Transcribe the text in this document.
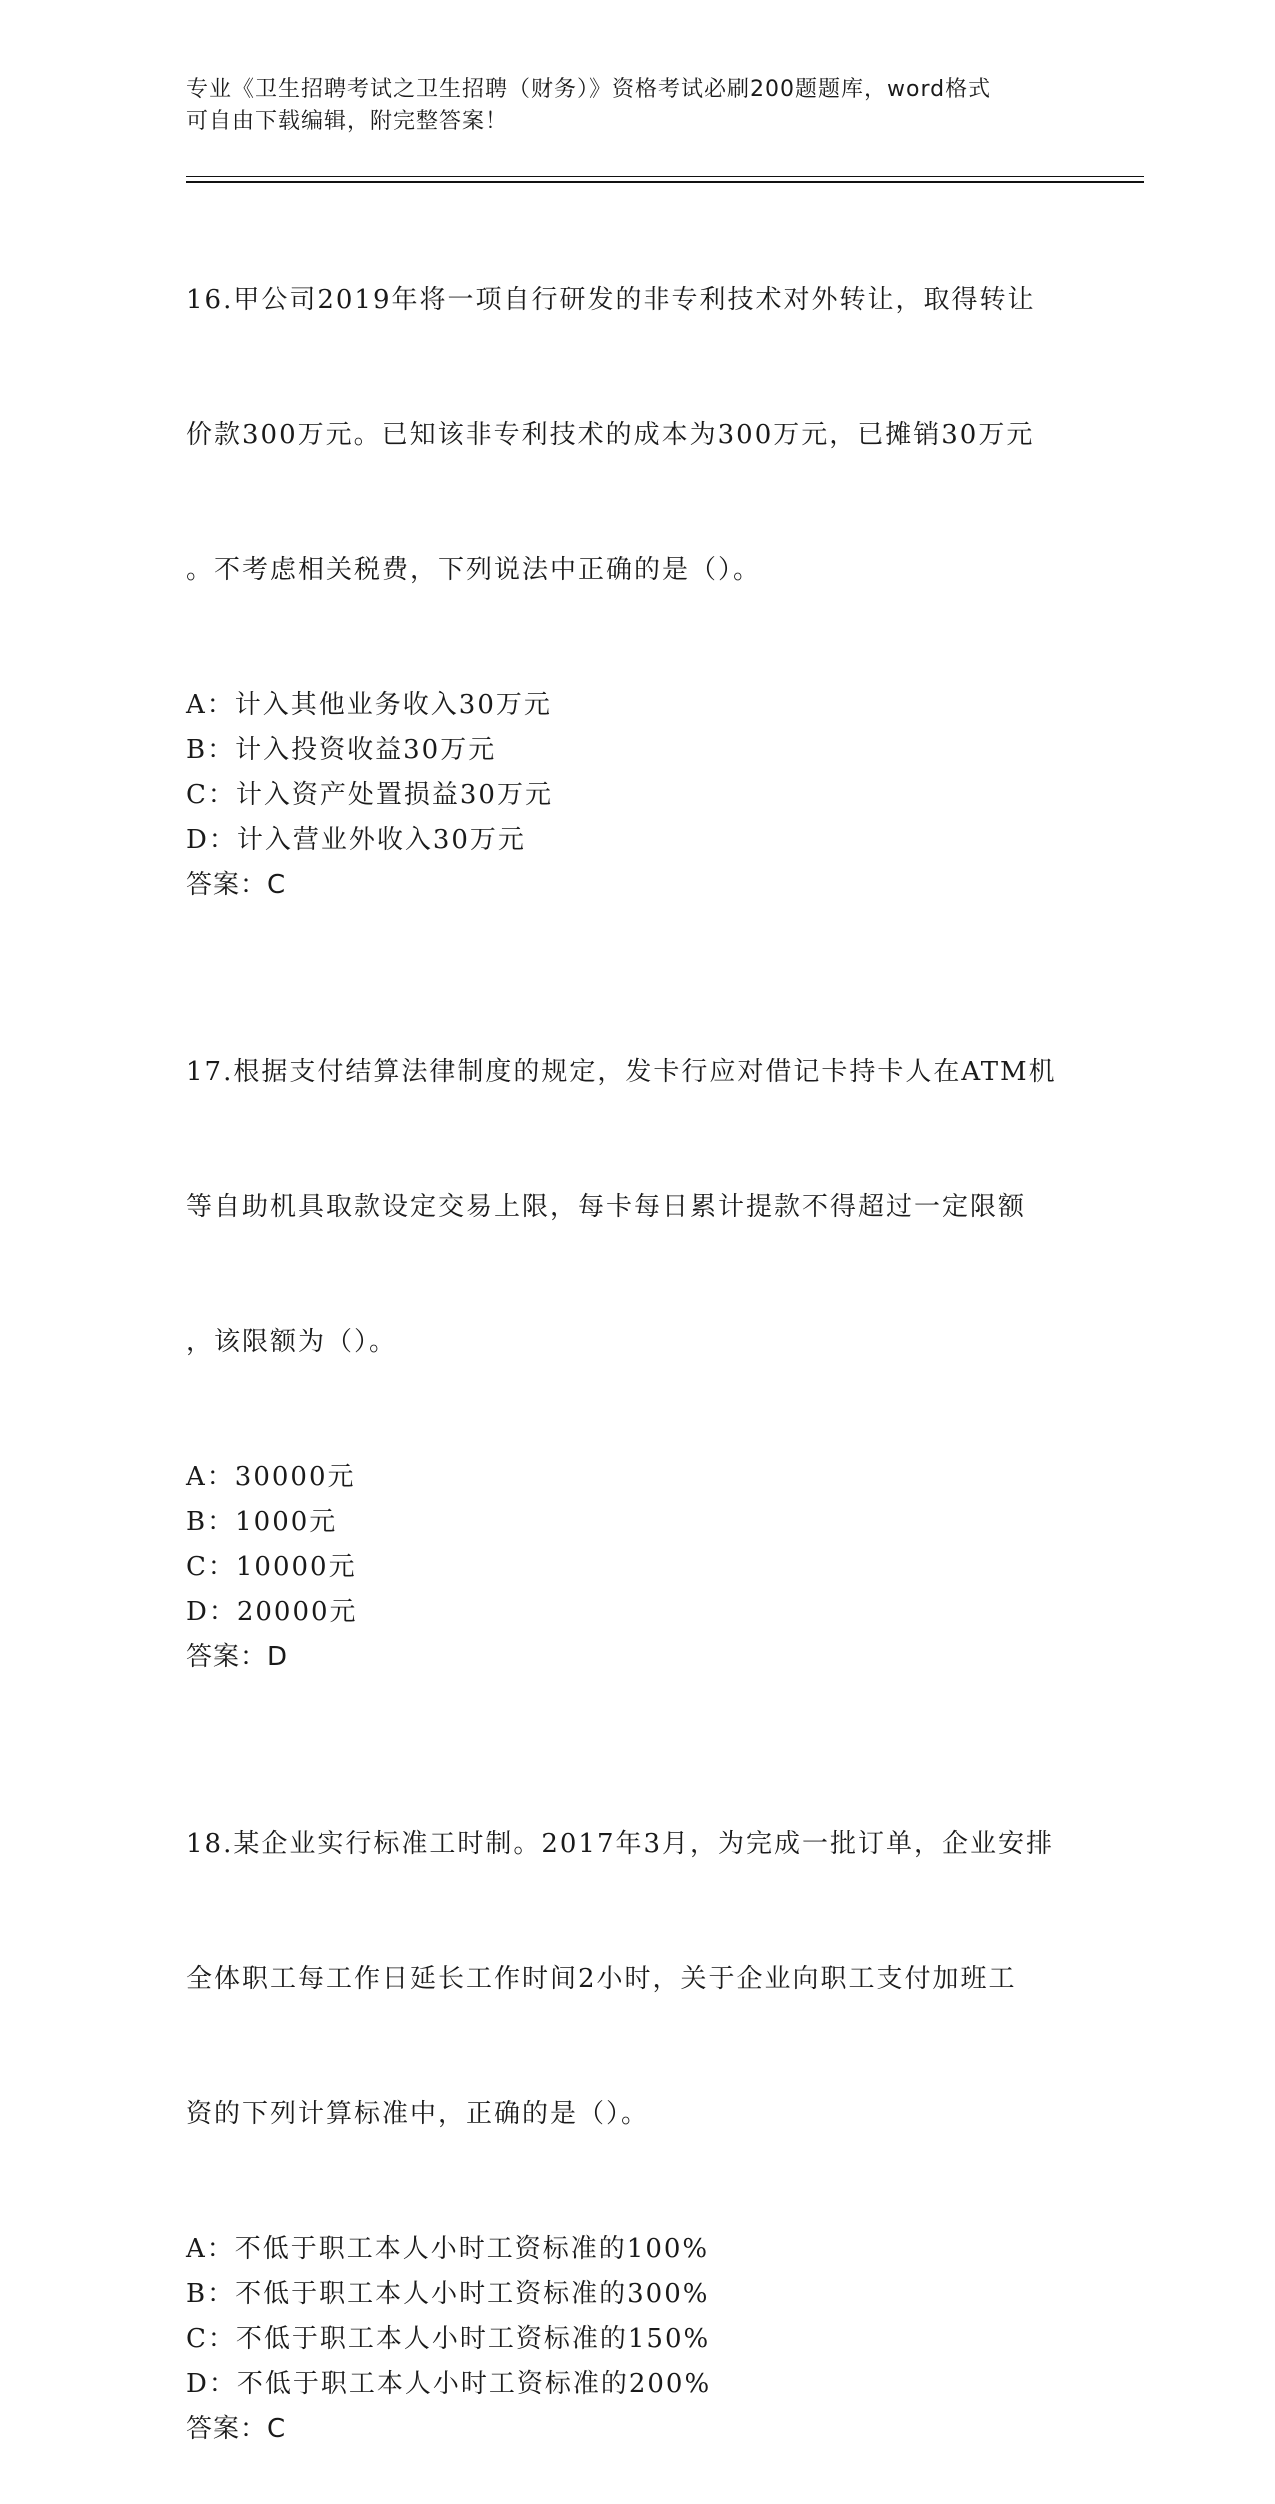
专业《卫生招聘考试之卫生招聘（财务）》资格考试必刷200题题库，word格式
可自由下载编辑，附完整答案！

16.甲公司2019年将一项自行研发的非专利技术对外转让，取得转让

价款300万元。已知该非专利技术的成本为300万元，已摊销30万元

。不考虑相关税费，下列说法中正确的是（）。

A：计入其他业务收入30万元
B：计入投资收益30万元
C：计入资产处置损益30万元
D：计入营业外收入30万元
答案：C

17.根据支付结算法律制度的规定，发卡行应对借记卡持卡人在ATM机

等自助机具取款设定交易上限，每卡每日累计提款不得超过一定限额

，该限额为（）。

A：30000元
B：1000元
C：10000元
D：20000元
答案：D

18.某企业实行标准工时制。2017年3月，为完成一批订单，企业安排

全体职工每工作日延长工作时间2小时，关于企业向职工支付加班工

资的下列计算标准中，正确的是（）。

A：不低于职工本人小时工资标准的100%
B：不低于职工本人小时工资标准的300%
C：不低于职工本人小时工资标准的150%
D：不低于职工本人小时工资标准的200%
答案：C
